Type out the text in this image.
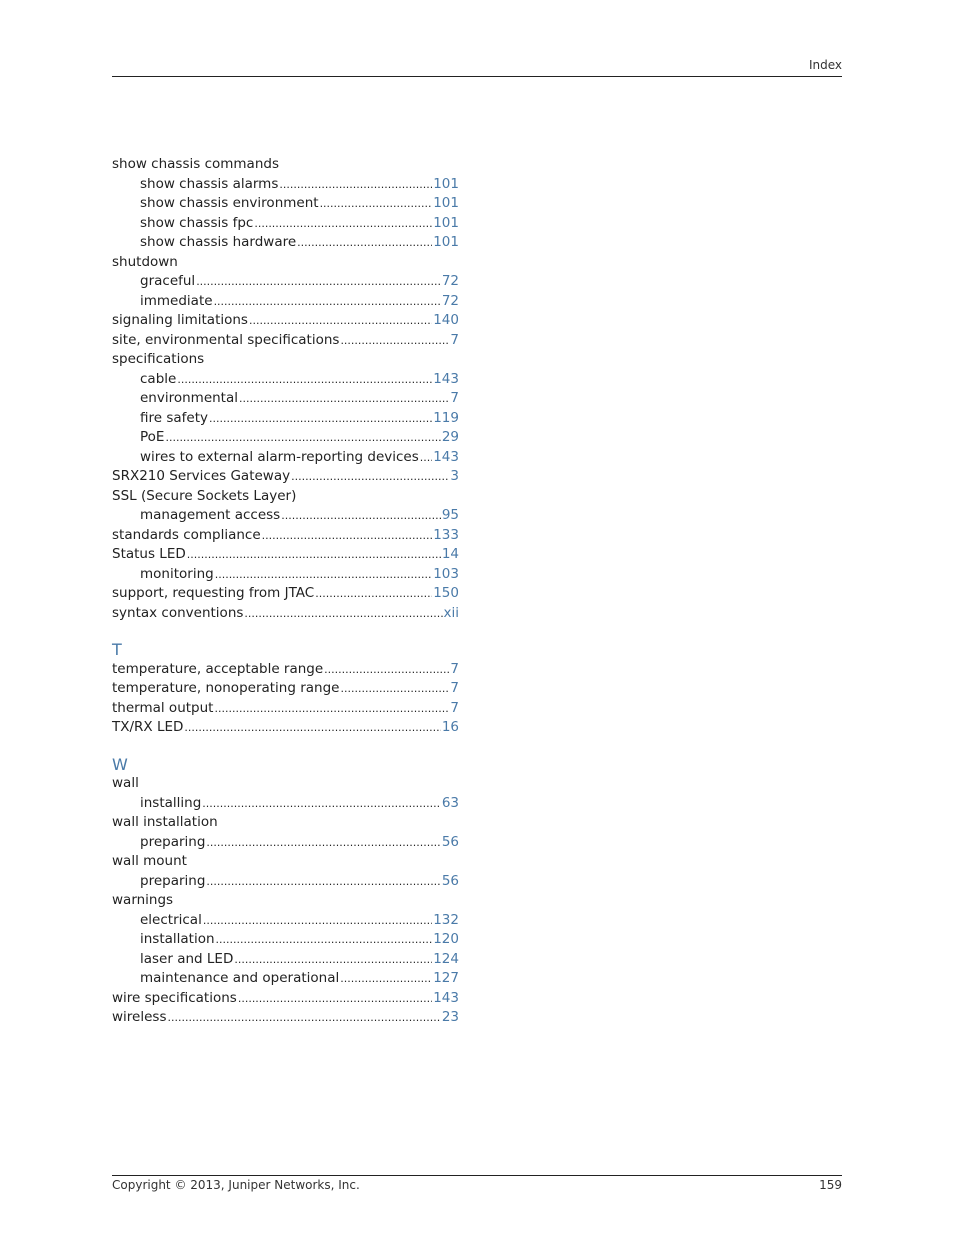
Index
show chassis commands
show chassis alarms .....	101
show chassis environment .....	101
show chassis fpc .....	101
show chassis hardware .....	101
shutdown
graceful .....	72
immediate .....	72
signaling limitations .....	140
site, environmental specifications .....	7
specifications
cable .....	143
environmental .....	7
fire safety .....	119
PoE .....	29
wires to external alarm-reporting devices ..... 143
SRX210 Services Gateway .....	3
SSL (Secure Sockets Layer)
management access .....	95
standards compliance .....	133
Status LED .....	14
monitoring .....	103
support, requesting from JTAC .....	150
syntax conventions .....	xii
T
temperature, acceptable range .....	7
temperature, nonoperating range .....	7
thermal output .....	7
TX/RX LED .....	16
W
wall
installing .....	63
wall installation
preparing .....	56
wall mount
preparing .....	56
warnings
electrical .....	132
installation .....	120
laser and LED .....	124
maintenance and operational .....	127
wire specifications .....	143
wireless .....	23
Copyright © 2013, Juniper Networks, Inc.	159
